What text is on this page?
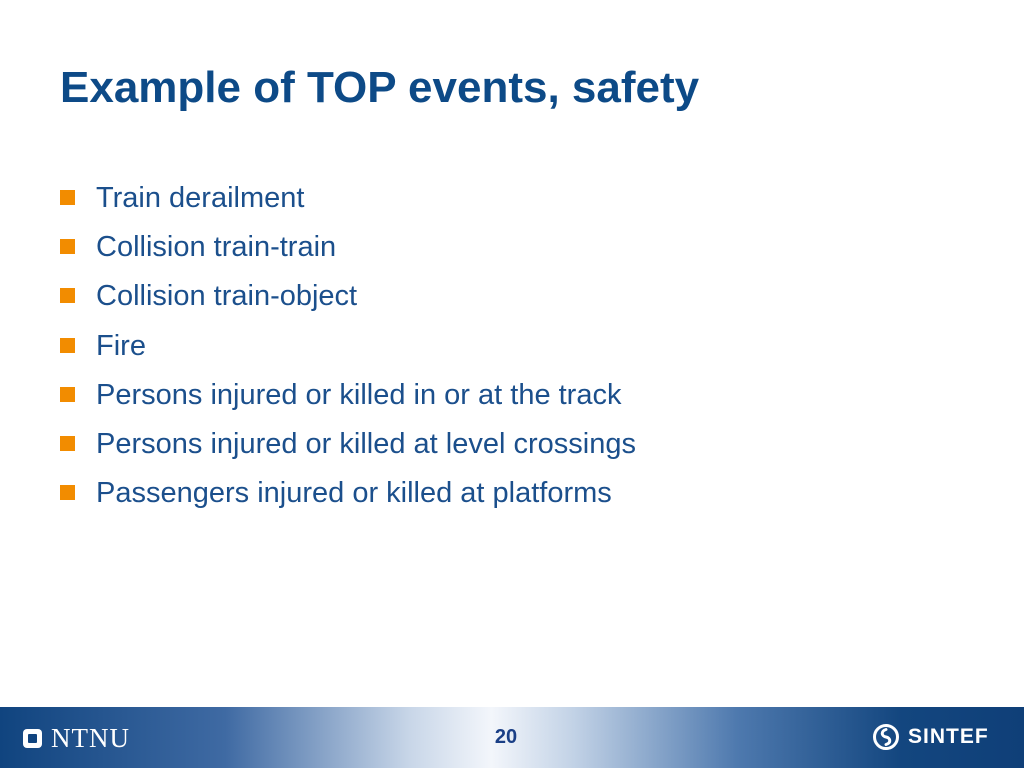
Example of TOP events, safety
Train derailment
Collision train-train
Collision train-object
Fire
Persons injured or killed in or at the track
Persons injured or killed at level crossings
Passengers injured or killed at platforms
NTNU	20	SINTEF
